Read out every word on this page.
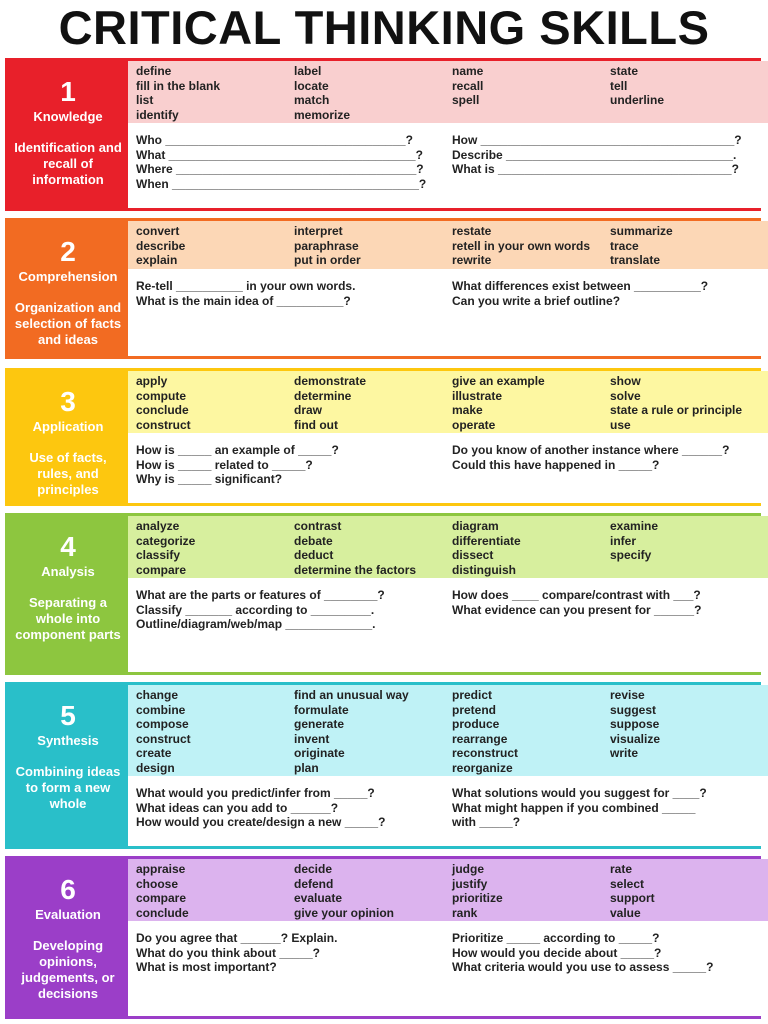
CRITICAL THINKING SKILLS
1
Knowledge
Identification and recall of information
define
fill in the blank
list
identify
label
locate
match
memorize
name
recall
spell
state
tell
underline
Who ____________________________________?
What _____________________________________?
Where ____________________________________?
When _____________________________________?
How ______________________________________?
Describe __________________________________.
What is ___________________________________?
2
Comprehension
Organization and selection of facts and ideas
convert
describe
explain
interpret
paraphrase
put in order
restate
retell in your own words
rewrite
summarize
trace
translate
Re-tell __________ in your own words.
What is the main idea of __________?
What differences exist between __________?
Can you write a brief outline?
3
Application
Use of facts, rules, and principles
apply
compute
conclude
construct
demonstrate
determine
draw
find out
give an example
illustrate
make
operate
show
solve
state a rule or principle
use
How is _____ an example of _____?
How is _____ related to _____?
Why is _____ significant?
Do you know of another instance where ______?
Could this have happened in _____?
4
Analysis
Separating a whole into component parts
analyze
categorize
classify
compare
contrast
debate
deduct
determine the factors
diagram
differentiate
dissect
distinguish
examine
infer
specify
What are the parts or features of ________?
Classify _______ according to _________.
Outline/diagram/web/map _____________.
How does ____ compare/contrast with ___?
What evidence can you present for ______?
5
Synthesis
Combining ideas to form a new whole
change
combine
compose
construct
create
design
find an unusual way
formulate
generate
invent
originate
plan
predict
pretend
produce
rearrange
reconstruct
reorganize
revise
suggest
suppose
visualize
write
What would you predict/infer from _____?
What ideas can you add to ______?
How would you create/design a new _____?
What solutions would you suggest for ____?
What might happen if you combined _____
with _____?
6
Evaluation
Developing opinions, judgements, or decisions
appraise
choose
compare
conclude
decide
defend
evaluate
give your opinion
judge
justify
prioritize
rank
rate
select
support
value
Do you agree that ______? Explain.
What do you think about _____?
What is most important?
Prioritize _____ according to _____?
How would you decide about _____?
What criteria would you use to assess _____?
